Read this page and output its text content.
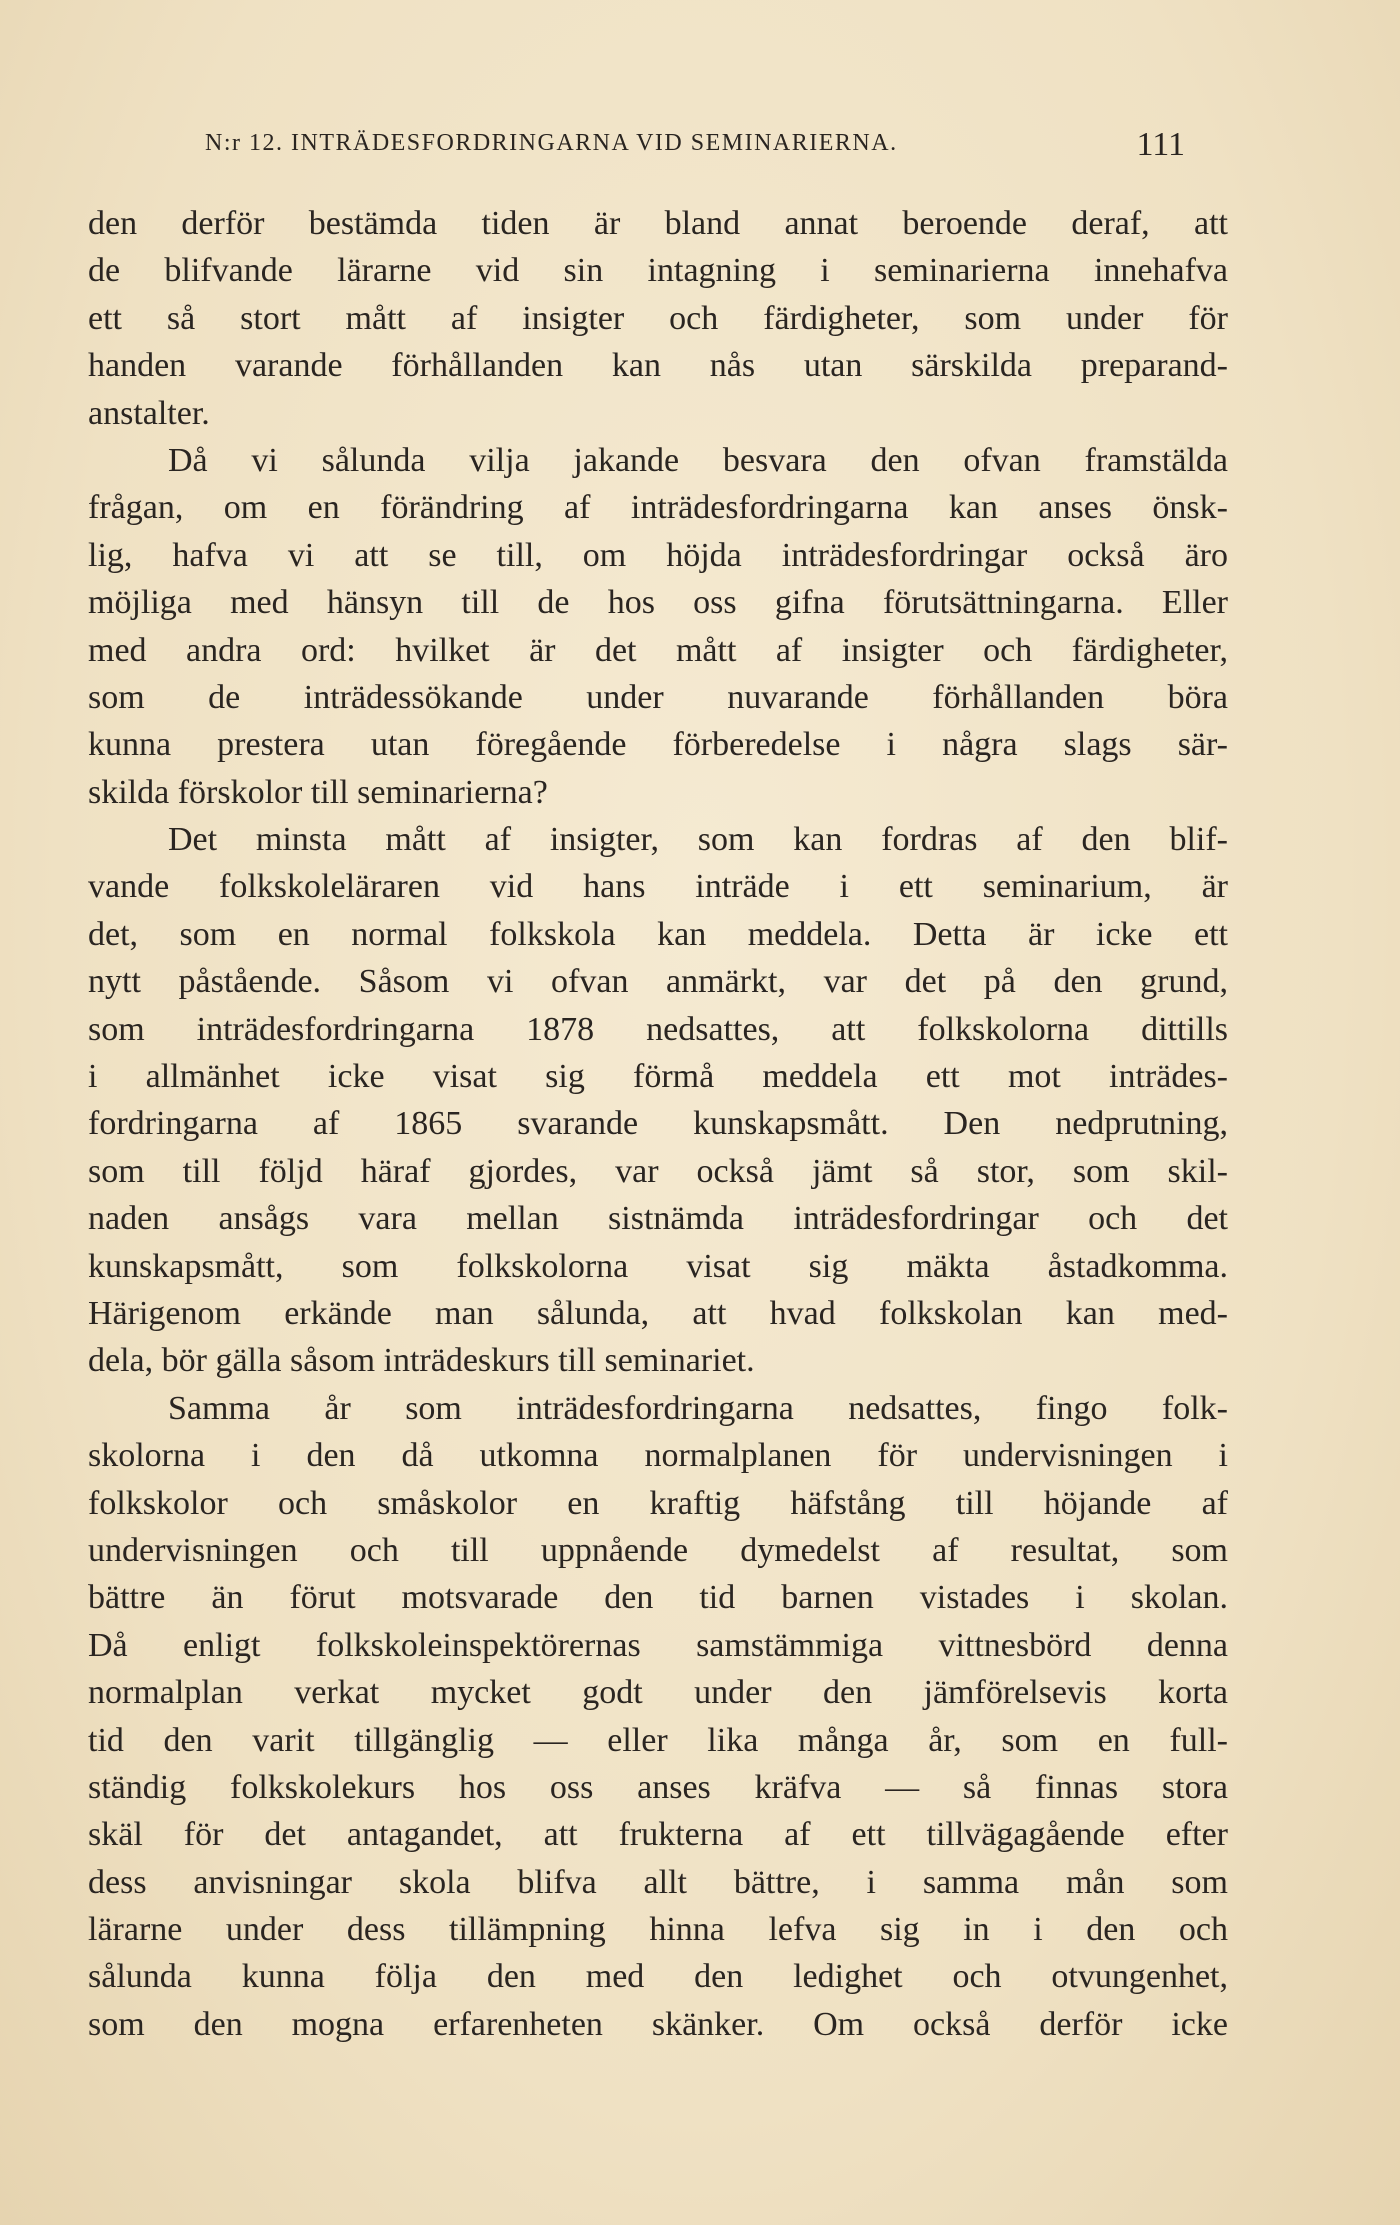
N:r 12. INTRÄDESFORDRINGARNA VID SEMINARIERNA.	111
den derför bestämda tiden är bland annat beroende deraf, att
de blifvande lärarne vid sin intagning i seminarierna innehafva
ett så stort mått af insigter och färdigheter, som under för
handen varande förhållanden kan nås utan särskilda preparand-
anstalter.
Då vi sålunda vilja jakande besvara den ofvan framstälda
frågan, om en förändring af inträdesfordringarna kan anses önsk-
lig, hafva vi att se till, om höjda inträdesfordringar också äro
möjliga med hänsyn till de hos oss gifna förutsättningarna. Eller
med andra ord: hvilket är det mått af insigter och färdigheter,
som de inträdessökande under nuvarande förhållanden böra
kunna prestera utan föregående förberedelse i några slags sär-
skilda förskolor till seminarierna?
Det minsta mått af insigter, som kan fordras af den blif-
vande folkskoleläraren vid hans inträde i ett seminarium, är
det, som en normal folkskola kan meddela. Detta är icke ett
nytt påstående. Såsom vi ofvan anmärkt, var det på den grund,
som inträdesfordringarna 1878 nedsattes, att folkskolorna dittills
i allmänhet icke visat sig förmå meddela ett mot inträdes-
fordringarna af 1865 svarande kunskapsmått. Den nedprutning,
som till följd häraf gjordes, var också jämt så stor, som skil-
naden ansågs vara mellan sistnämda inträdesfordringar och det
kunskapsmått, som folkskolorna visat sig mäkta åstadkomma.
Härigenom erkände man sålunda, att hvad folkskolan kan med-
dela, bör gälla såsom inträdeskurs till seminariet.
Samma år som inträdesfordringarna nedsattes, fingo folk-
skolorna i den då utkomna normalplanen för undervisningen i
folkskolor och småskolor en kraftig häfstång till höjande af
undervisningen och till uppnående dymedelst af resultat, som
bättre än förut motsvarade den tid barnen vistades i skolan.
Då enligt folkskoleinspektörernas samstämmiga vittnesbörd denna
normalplan verkat mycket godt under den jämförelsevis korta
tid den varit tillgänglig — eller lika många år, som en full-
ständig folkskolekurs hos oss anses kräfva — så finnas stora
skäl för det antagandet, att frukterna af ett tillvägagående efter
dess anvisningar skola blifva allt bättre, i samma mån som
lärarne under dess tillämpning hinna lefva sig in i den och
sålunda kunna följa den med den ledighet och otvungenhet,
som den mogna erfarenheten skänker. Om också derför icke
